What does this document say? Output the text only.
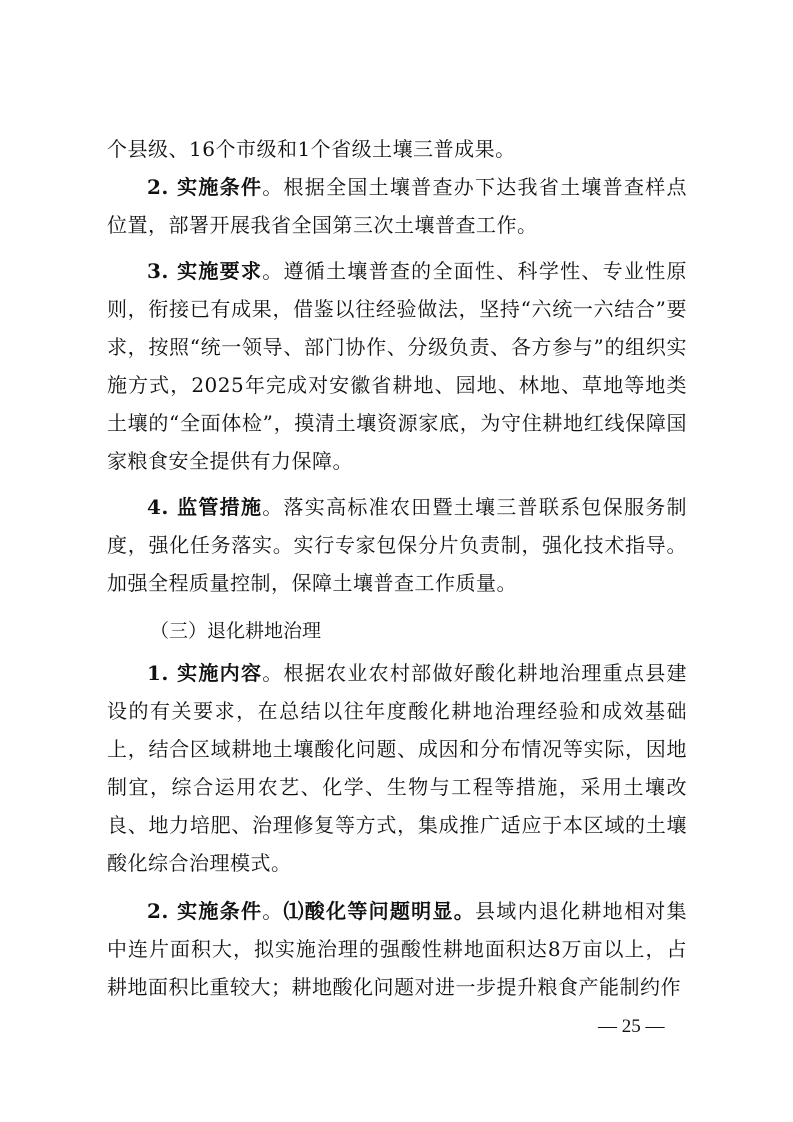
个县级、16个市级和1个省级土壤三普成果。

2. 实施条件。根据全国土壤普查办下达我省土壤普查样点位置，部署开展我省全国第三次土壤普查工作。

3. 实施要求。遵循土壤普查的全面性、科学性、专业性原则，衔接已有成果，借鉴以往经验做法，坚持“六统一六结合”要求，按照“统一领导、部门协作、分级负责、各方参与”的组织实施方式，2025年完成对安徽省耕地、园地、林地、草地等地类土壤的“全面体检”，摸清土壤资源家底，为守住耕地红线保障国家粮食安全提供有力保障。

4. 监管措施。落实高标准农田暨土壤三普联系包保服务制度，强化任务落实。实行专家包保分片负责制，强化技术指导。加强全程质量控制，保障土壤普查工作质量。

（三）退化耕地治理

1. 实施内容。根据农业农村部做好酸化耕地治理重点县建设的有关要求，在总结以往年度酸化耕地治理经验和成效基础上，结合区域耕地土壤酸化问题、成因和分布情况等实际，因地制宜，综合运用农艺、化学、生物与工程等措施，采用土壤改良、地力培肥、治理修复等方式，集成推广适应于本区域的土壤酸化综合治理模式。

2. 实施条件。⑴酸化等问题明显。县域内退化耕地相对集中连片面积大，拟实施治理的强酸性耕地面积达8万亩以上，占耕地面积比重较大；耕地酸化问题对进一步提升粮食产能制约作

— 25 —
